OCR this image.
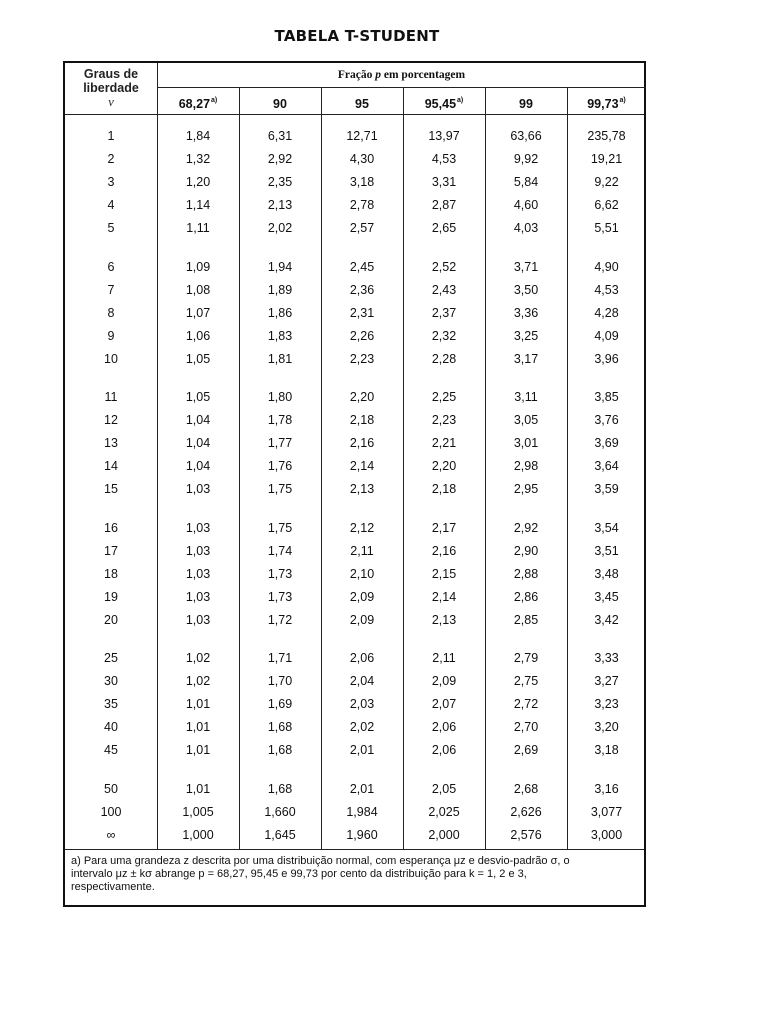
TABELA T-STUDENT
Graus de
liberdade
ν
Fração p em porcentagem
68,27$^{a)}$	90	95	95,45$^{a)}$	99	99,73$^{a)}$
1	1,84	6,31	12,71	13,97	63,66	235,78
2	1,32	2,92	4,30	4,53	9,92	19,21
3	1,20	2,35	3,18	3,31	5,84	9,22
4	1,14	2,13	2,78	2,87	4,60	6,62
5	1,11	2,02	2,57	2,65	4,03	5,51
6	1,09	1,94	2,45	2,52	3,71	4,90
7	1,08	1,89	2,36	2,43	3,50	4,53
8	1,07	1,86	2,31	2,37	3,36	4,28
9	1,06	1,83	2,26	2,32	3,25	4,09
10	1,05	1,81	2,23	2,28	3,17	3,96
11	1,05	1,80	2,20	2,25	3,11	3,85
12	1,04	1,78	2,18	2,23	3,05	3,76
13	1,04	1,77	2,16	2,21	3,01	3,69
14	1,04	1,76	2,14	2,20	2,98	3,64
15	1,03	1,75	2,13	2,18	2,95	3,59
16	1,03	1,75	2,12	2,17	2,92	3,54
17	1,03	1,74	2,11	2,16	2,90	3,51
18	1,03	1,73	2,10	2,15	2,88	3,48
19	1,03	1,73	2,09	2,14	2,86	3,45
20	1,03	1,72	2,09	2,13	2,85	3,42
25	1,02	1,71	2,06	2,11	2,79	3,33
30	1,02	1,70	2,04	2,09	2,75	3,27
35	1,01	1,69	2,03	2,07	2,72	3,23
40	1,01	1,68	2,02	2,06	2,70	3,20
45	1,01	1,68	2,01	2,06	2,69	3,18
50	1,01	1,68	2,01	2,05	2,68	3,16
100	1,005	1,660	1,984	2,025	2,626	3,077
∞	1,000	1,645	1,960	2,000	2,576	3,000

a) Para uma grandeza z descrita por uma distribuição normal, com esperança μz e desvio-padrão σ, o

intervalo μz ± kσ abrange p = 68,27, 95,45 e 99,73 por cento da distribuição para k = 1, 2 e 3,

respectivamente.
